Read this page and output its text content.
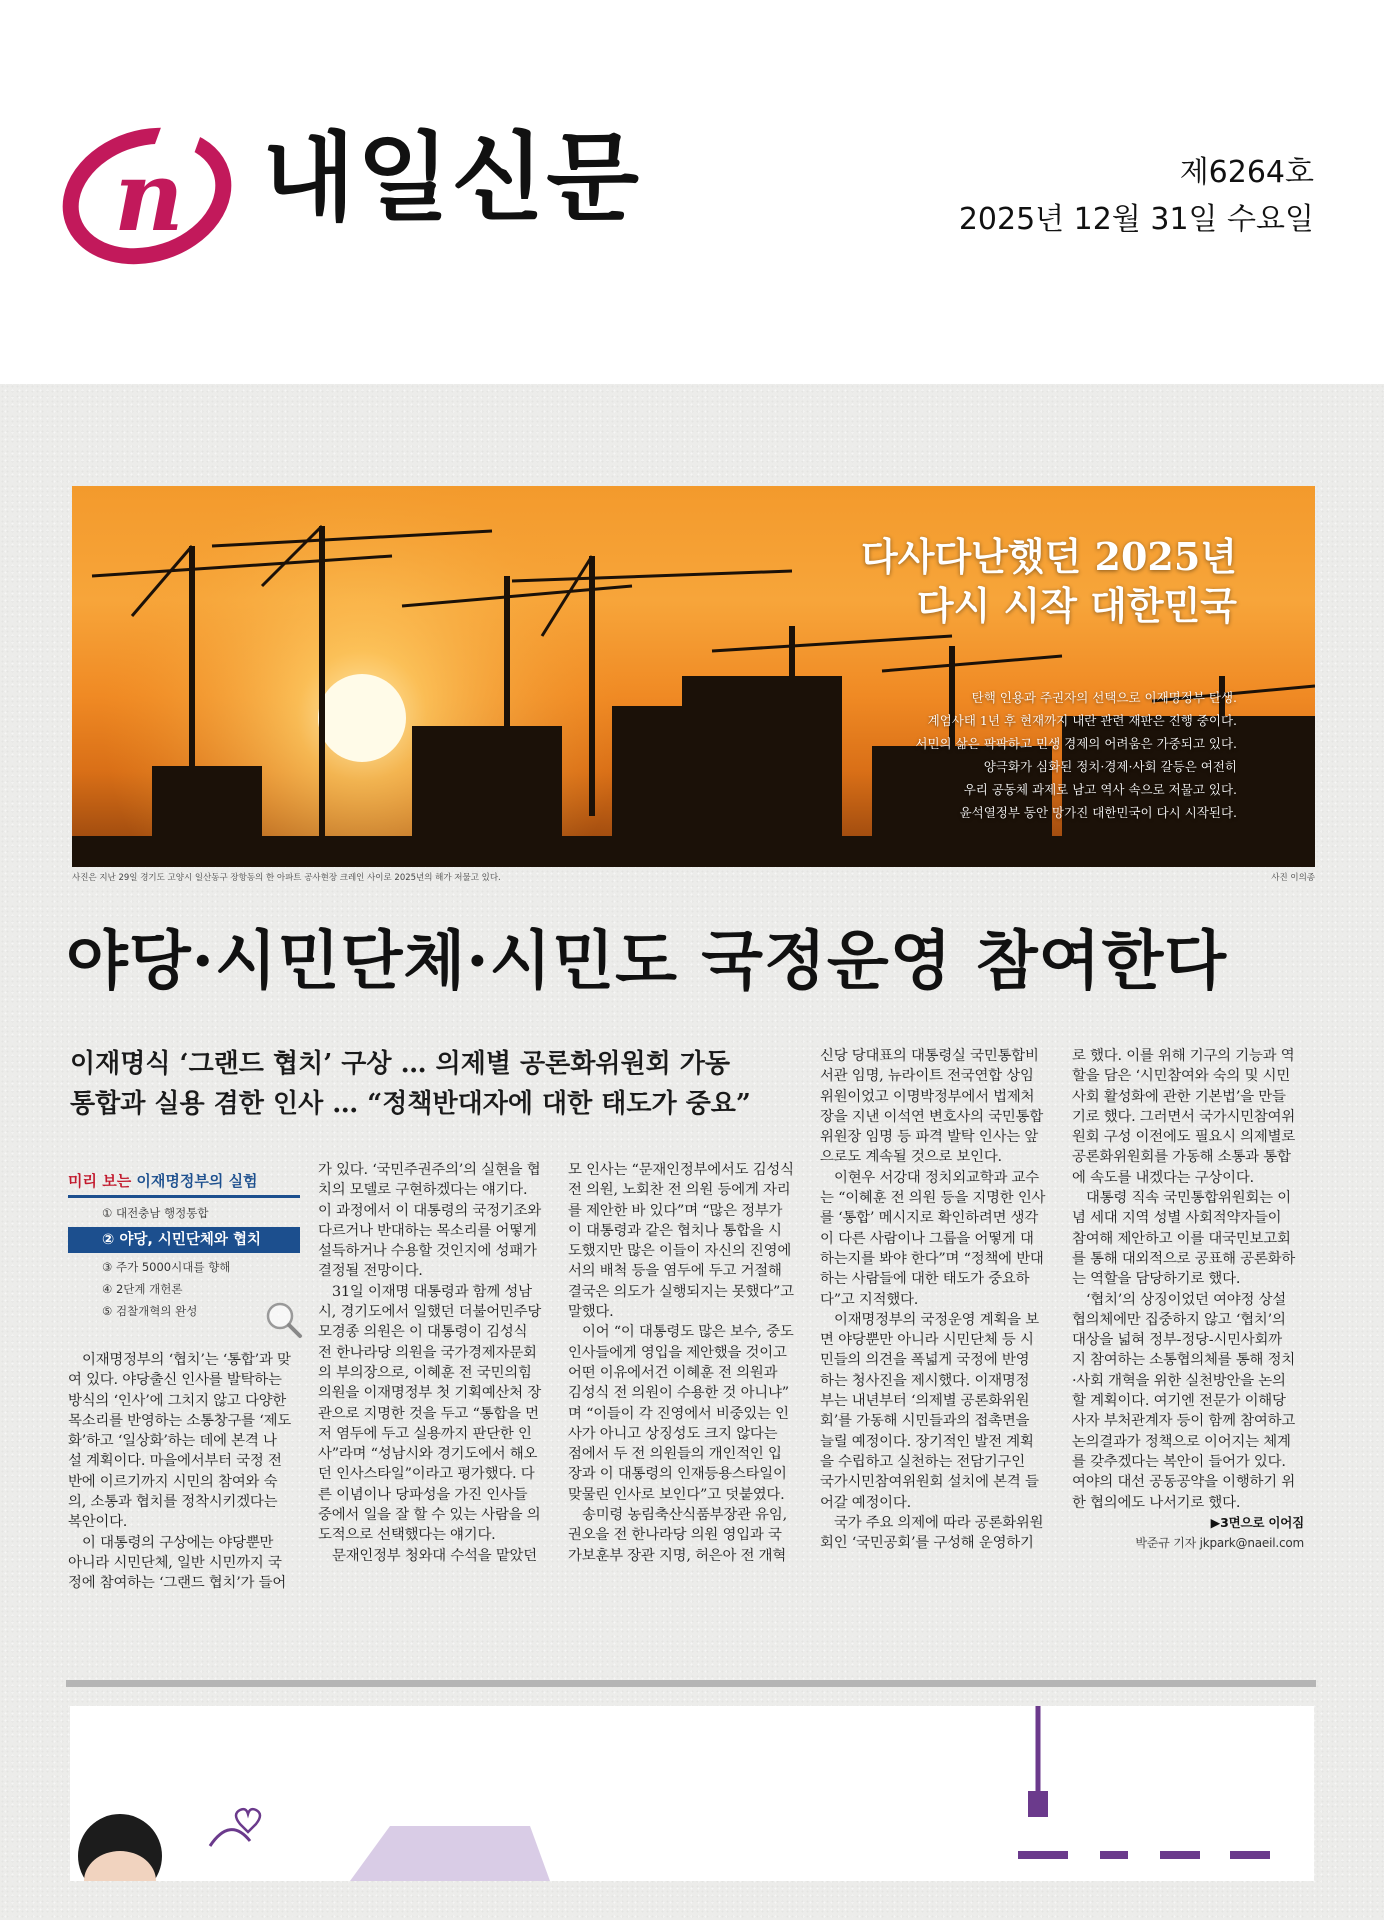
n 내일신문	제6264호
2025년 12월 31일 수요일
다사다난했던 2025년
다시 시작 대한민국
탄핵 인용과 주권자의 선택으로 이재명정부 탄생.
계엄사태 1년 후 현재까지 내란 관련 재판은 진행 중이다.
서민의 삶은 팍팍하고 민생 경제의 어려움은 가중되고 있다.
양극화가 심화된 정치·경제·사회 갈등은 여전히
우리 공동체 과제로 남고 역사 속으로 저물고 있다.
윤석열정부 동안 망가진 대한민국이 다시 시작된다.
사진은 지난 29일 경기도 고양시 일산동구 장항동의 한 아파트 공사현장 크레인 사이로 2025년의 해가 저물고 있다.	사진 이의종
야당·시민단체·시민도 국정운영 참여한다
이재명식 ‘그랜드 협치’ 구상 … 의제별 공론화위원회 가동
통합과 실용 겸한 인사 … “정책반대자에 대한 태도가 중요”
미리 보는 이재명정부의 실험
① 대전충남 행정통합
② 야당, 시민단체와 협치
③ 주가 5000시대를 향해
④ 2단계 개헌론
⑤ 검찰개혁의 완성
이재명정부의 ‘협치’는 ‘통합’과 맞
여 있다. 야당출신 인사를 발탁하는
방식의 ‘인사’에 그치지 않고 다양한
목소리를 반영하는 소통창구를 ‘제도
화’하고 ‘일상화’하는 데에 본격 나
설 계획이다. 마을에서부터 국정 전
반에 이르기까지 시민의 참여와 숙
의, 소통과 협치를 정착시키겠다는
복안이다.
이 대통령의 구상에는 야당뿐만
아니라 시민단체, 일반 시민까지 국
정에 참여하는 ‘그랜드 협치’가 들어
가 있다. ‘국민주권주의’의 실현을 협
치의 모델로 구현하겠다는 얘기다.
이 과정에서 이 대통령의 국정기조와
다르거나 반대하는 목소리를 어떻게
설득하거나 수용할 것인지에 성패가
결정될 전망이다.
31일 이재명 대통령과 함께 성남
시, 경기도에서 일했던 더불어민주당
모경종 의원은 이 대통령이 김성식
전 한나라당 의원을 국가경제자문회
의 부의장으로, 이혜훈 전 국민의힘
의원을 이재명정부 첫 기획예산처 장
관으로 지명한 것을 두고 “통합을 먼
저 염두에 두고 실용까지 판단한 인
사”라며 “성남시와 경기도에서 해오
던 인사스타일”이라고 평가했다. 다
른 이념이나 당파성을 가진 인사들
중에서 일을 잘 할 수 있는 사람을 의
도적으로 선택했다는 얘기다.
문재인정부 청와대 수석을 맡았던
모 인사는 “문재인정부에서도 김성식
전 의원, 노회찬 전 의원 등에게 자리
를 제안한 바 있다”며 “많은 정부가
이 대통령과 같은 협치나 통합을 시
도했지만 많은 이들이 자신의 진영에
서의 배척 등을 염두에 두고 거절해
결국은 의도가 실행되지는 못했다”고
말했다.
이어 “이 대통령도 많은 보수, 중도
인사들에게 영입을 제안했을 것이고
어떤 이유에서건 이혜훈 전 의원과
김성식 전 의원이 수용한 것 아니냐”
며 “이들이 각 진영에서 비중있는 인
사가 아니고 상징성도 크지 않다는
점에서 두 전 의원들의 개인적인 입
장과 이 대통령의 인재등용스타일이
맞물린 인사로 보인다”고 덧붙였다.
송미령 농림축산식품부장관 유임,
권오을 전 한나라당 의원 영입과 국
가보훈부 장관 지명, 허은아 전 개혁
신당 당대표의 대통령실 국민통합비
서관 임명, 뉴라이트 전국연합 상임
위원이었고 이명박정부에서 법제처
장을 지낸 이석연 변호사의 국민통합
위원장 임명 등 파격 발탁 인사는 앞
으로도 계속될 것으로 보인다.
이현우 서강대 정치외교학과 교수
는 “이혜훈 전 의원 등을 지명한 인사
를 ‘통합’ 메시지로 확인하려면 생각
이 다른 사람이나 그룹을 어떻게 대
하는지를 봐야 한다”며 “정책에 반대
하는 사람들에 대한 태도가 중요하
다”고 지적했다.
이재명정부의 국정운영 계획을 보
면 야당뿐만 아니라 시민단체 등 시
민들의 의견을 폭넓게 국정에 반영
하는 청사진을 제시했다. 이재명정
부는 내년부터 ‘의제별 공론화위원
회’를 가동해 시민들과의 접촉면을
늘릴 예정이다. 장기적인 발전 계획
을 수립하고 실천하는 전담기구인
국가시민참여위원회 설치에 본격 들
어갈 예정이다.
국가 주요 의제에 따라 공론화위원
회인 ‘국민공회’를 구성해 운영하기
로 했다. 이를 위해 기구의 기능과 역
할을 담은 ‘시민참여와 숙의 및 시민
사회 활성화에 관한 기본법’을 만들
기로 했다. 그러면서 국가시민참여위
원회 구성 이전에도 필요시 의제별로
공론화위원회를 가동해 소통과 통합
에 속도를 내겠다는 구상이다.
대통령 직속 국민통합위원회는 이
념 세대 지역 성별 사회적약자들이
참여해 제안하고 이를 대국민보고회
를 통해 대외적으로 공표해 공론화하
는 역할을 담당하기로 했다.
‘협치’의 상징이었던 여야정 상설
협의체에만 집중하지 않고 ‘협치’의
대상을 넓혀 정부-정당-시민사회까
지 참여하는 소통협의체를 통해 정치
·사회 개혁을 위한 실천방안을 논의
할 계획이다. 여기엔 전문가 이해당
사자 부처관계자 등이 함께 참여하고
논의결과가 정책으로 이어지는 체계
를 갖추겠다는 복안이 들어가 있다.
여야의 대선 공동공약을 이행하기 위
한 협의에도 나서기로 했다.
▶3면으로 이어짐
박준규 기자 jkpark@naeil.com
